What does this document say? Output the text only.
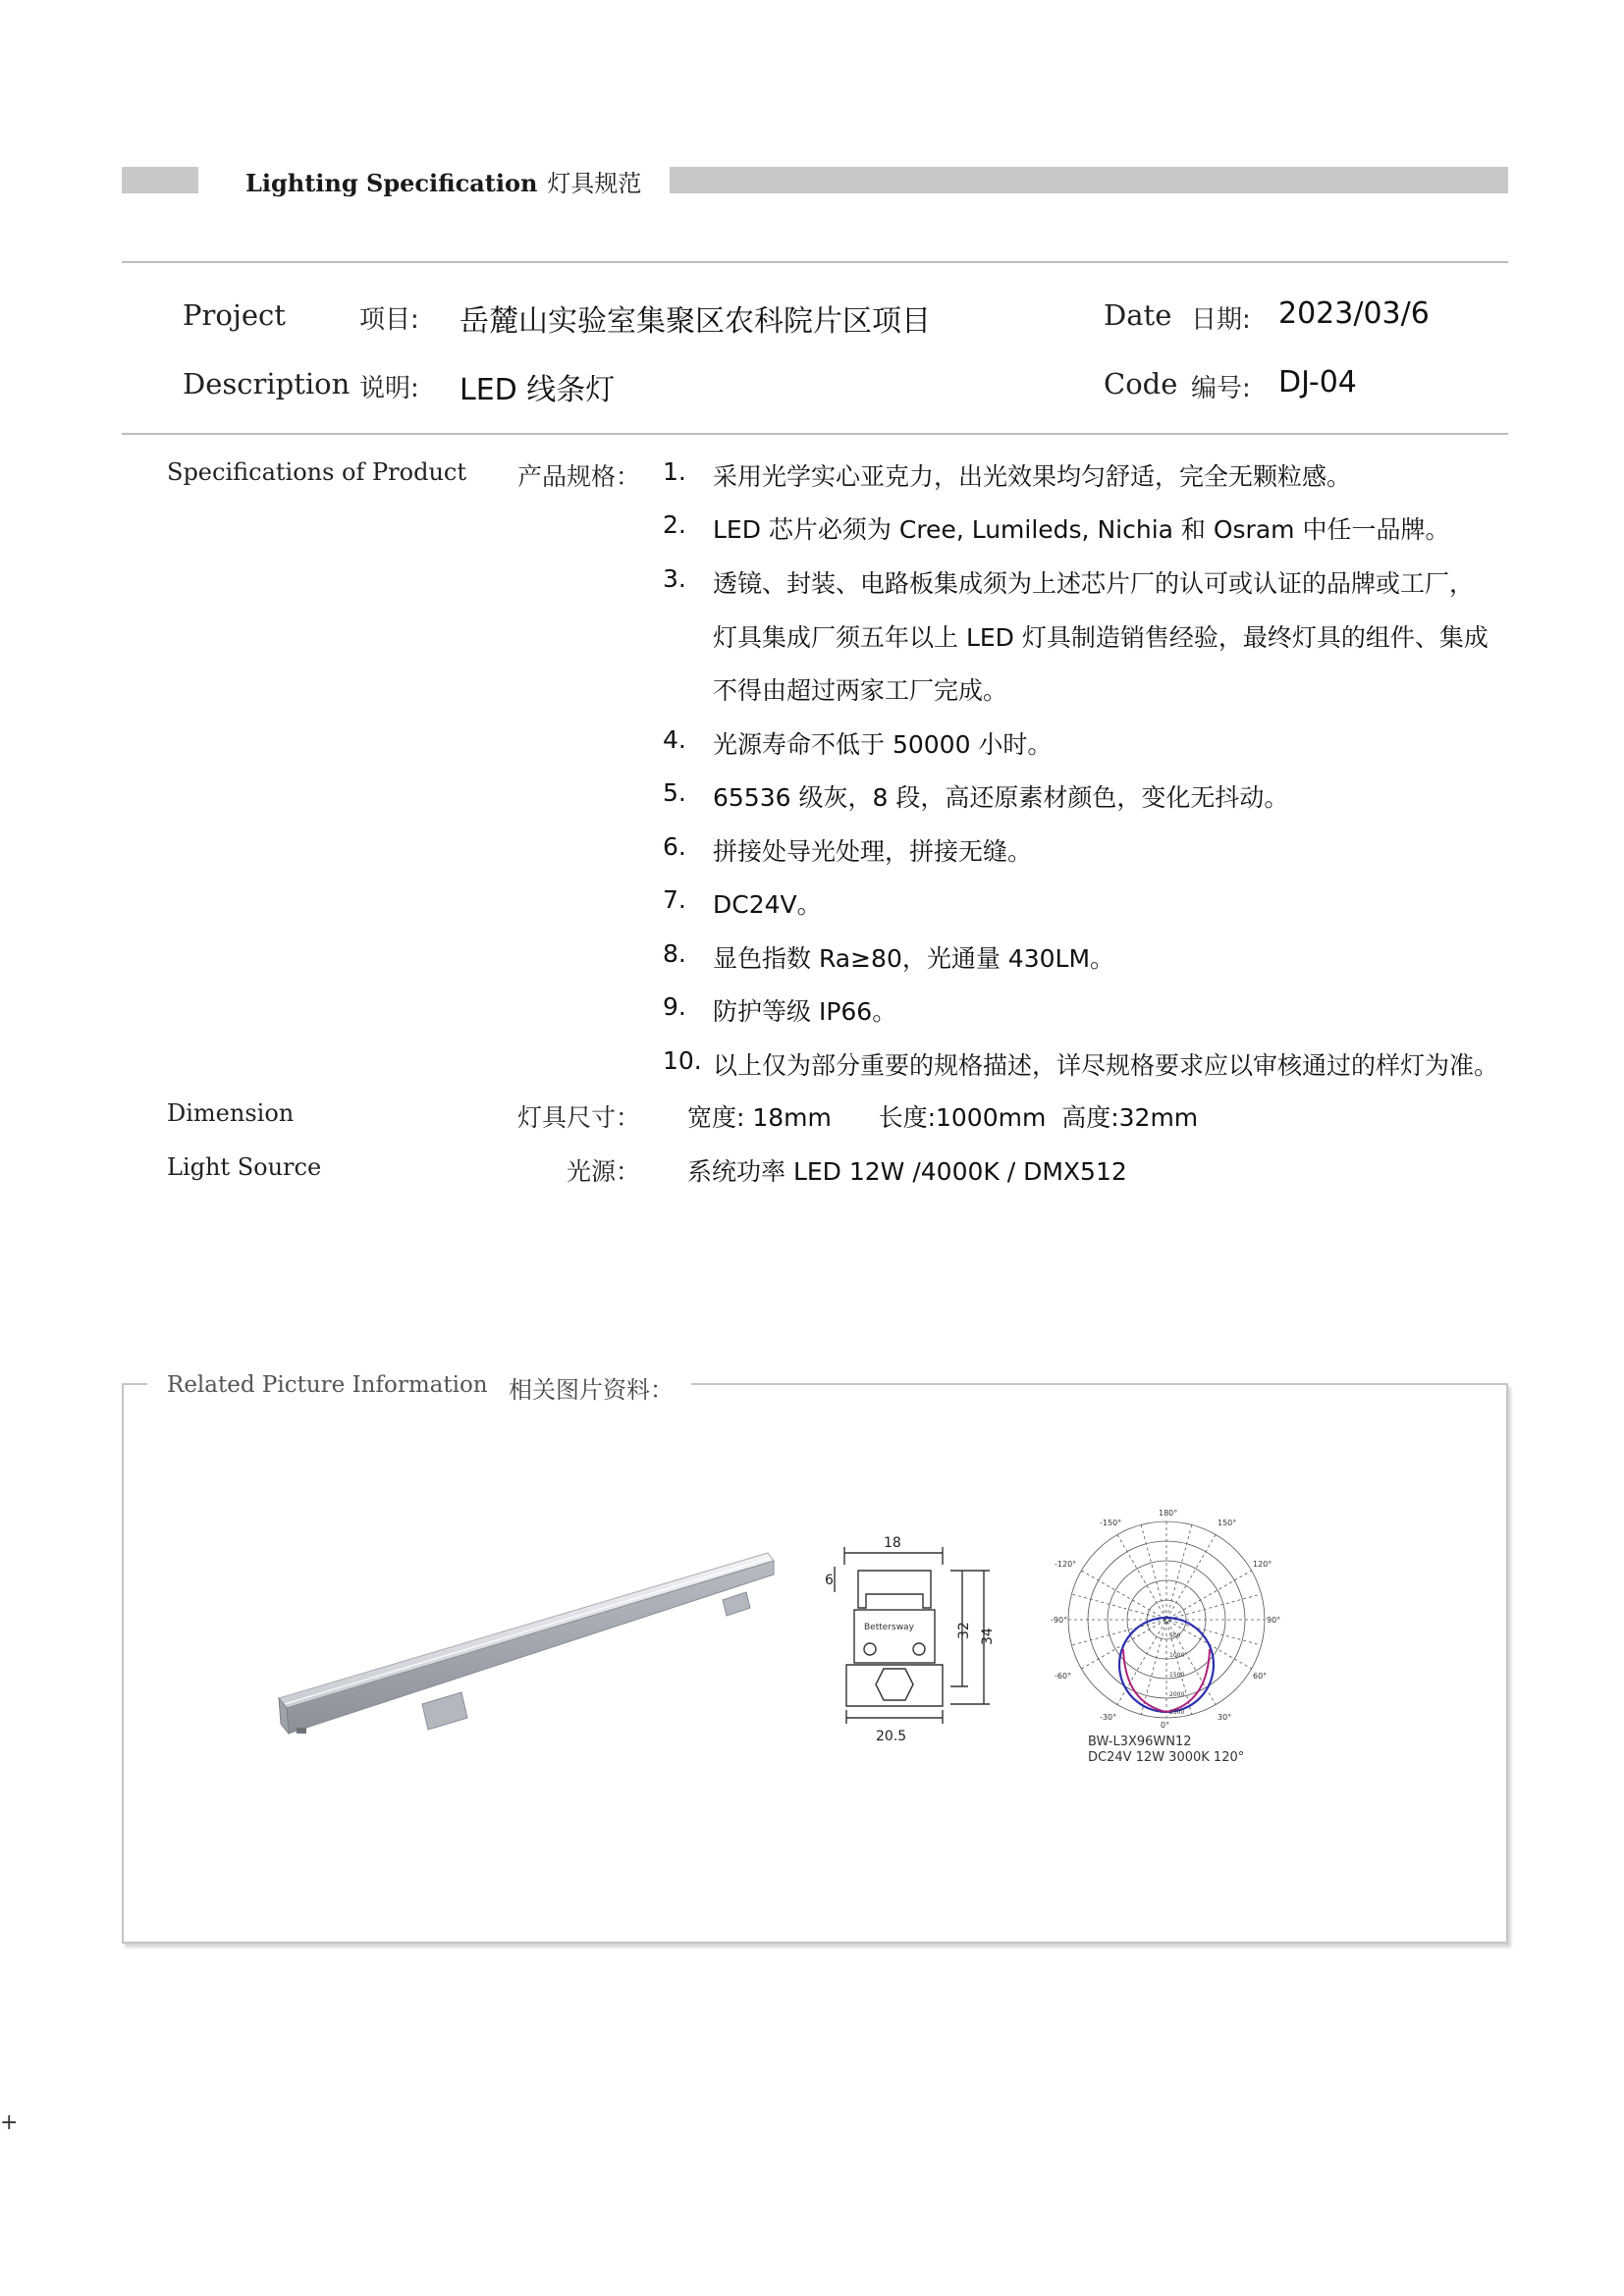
Lighting Specification 灯具规范
Project	项目: 岳麓山实验室集聚区农科院片区项目	Date 日期: 2023/03/6
Description 说明: LED 线条灯	Code 编号: DJ-04
Specifications of Product	产品规格： 1.	采用光学实心亚克力，出光效果均匀舒适，完全无颗粒感。
2.	LED 芯片必须为 Cree, Lumileds, Nichia 和 Osram 中任一品牌。
3.	透镜、封装、电路板集成须为上述芯片厂的认可或认证的品牌或工厂，
灯具集成厂须五年以上 LED 灯具制造销售经验，最终灯具的组件、集成
不得由超过两家工厂完成。
4.	光源寿命不低于 50000 小时。
5.	65536 级灰，8 段，高还原素材颜色，变化无抖动。
6.	拼接处导光处理，拼接无缝。
7.	DC24V。
8.	显色指数 Ra≥80，光通量 430LM。
9.	防护等级 IP66。
10. 以上仅为部分重要的规格描述，详尽规格要求应以审核通过的样灯为准。
Dimension	灯具尺寸： 宽度: 18mm      长度:1000mm  高度:32mm
Light Source	光源： 系统功率 LED 12W /4000K / DMX512
Related Picture Information 相关图片资料：
18
6
32 34
20.5
Bettersway
180°
-150°	150°
-120°	120°
-90°	90°
-60°	60°
-30°	30°
0°
500
1000
1500
2000
2500
BW-L3X96WN12
DC24V 12W 3000K 120°
+
